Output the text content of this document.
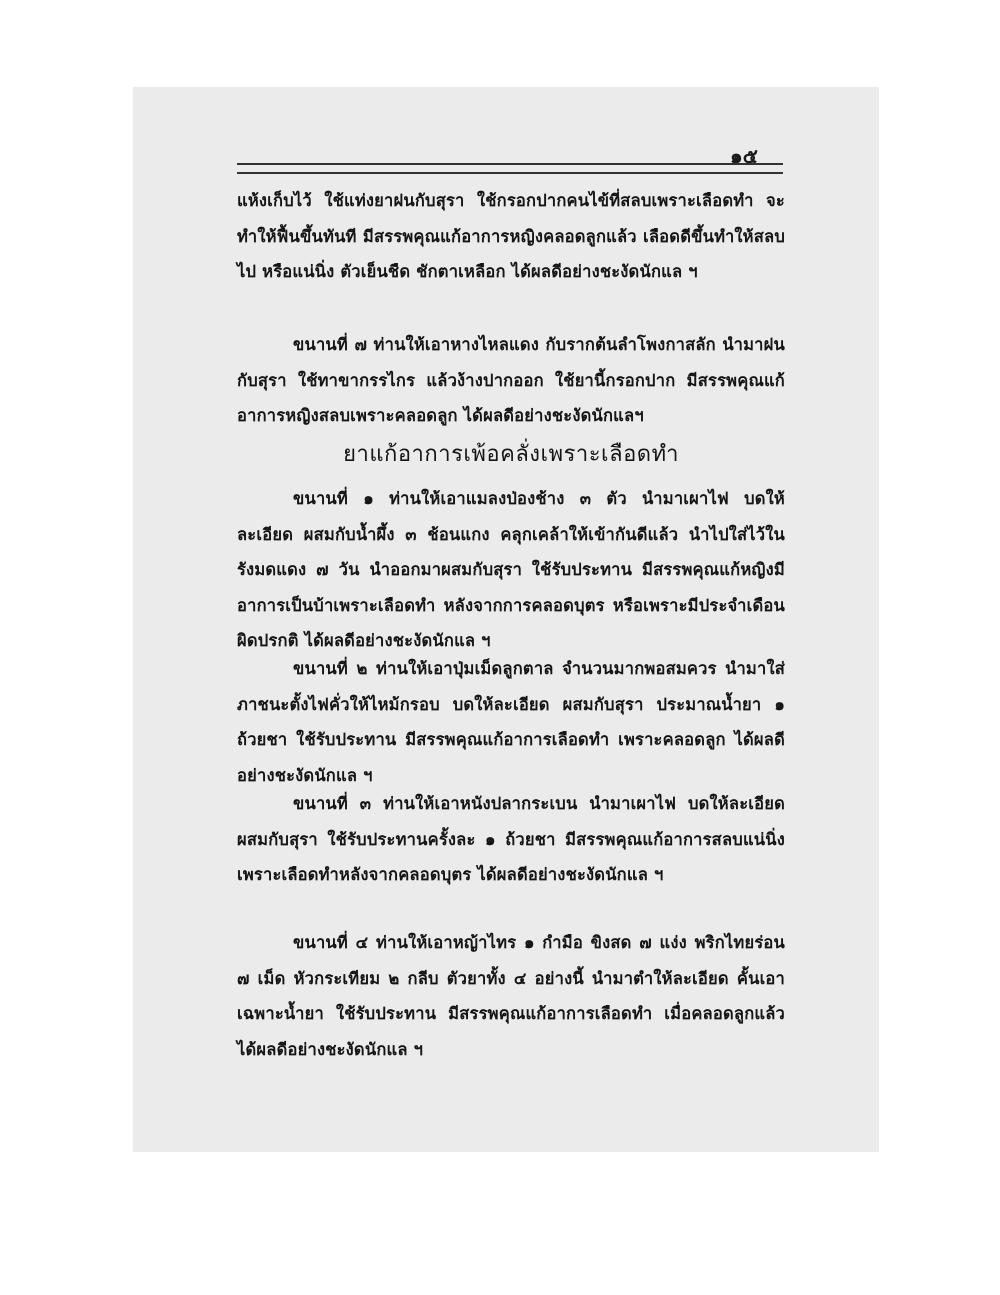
๑๕
แห้งเก็บไว้ ใช้แท่งยาฝนกับสุรา ใช้กรอกปากคนไข้ที่สลบเพราะเลือดทำ จะทำให้ฟื้นขึ้นทันที มีสรรพคุณแก้อาการหญิงคลอดลูกแล้ว เลือดดีขึ้นทำให้สลบไป หรือแน่นิ่ง ตัวเย็นชืด ชักตาเหลือก ได้ผลดีอย่างชะงัดนักแล ฯ
ขนานที่ ๗ ท่านให้เอาหางไหลแดง กับรากต้นลำโพงกาสลัก นำมาฝนกับสุรา ใช้ทาขากรรไกร แล้วง้างปากออก ใช้ยานี้กรอกปาก มีสรรพคุณแก้อาการหญิงสลบเพราะคลอดลูก ได้ผลดีอย่างชะงัดนักแลฯ
ยาแก้อาการเพ้อคลั่งเพราะเลือดทำ
ขนานที่ ๑ ท่านให้เอาแมลงป่องช้าง ๓ ตัว นำมาเผาไฟ บดให้ละเอียด ผสมกับน้ำผึ้ง ๓ ช้อนแกง คลุกเคล้าให้เข้ากันดีแล้ว นำไปใส่ไว้ในรังมดแดง ๗ วัน นำออกมาผสมกับสุรา ใช้รับประทาน มีสรรพคุณแก้หญิงมีอาการเป็นบ้าเพราะเลือดทำ หลังจากการคลอดบุตร หรือเพราะมีประจำเดือนผิดปรกติ ได้ผลดีอย่างชะงัดนักแล ฯ
ขนานที่ ๒ ท่านให้เอาปุ่มเม็ดลูกตาล จำนวนมากพอสมควร นำมาใส่ภาชนะตั้งไฟคั่วให้ไหม้กรอบ บดให้ละเอียด ผสมกับสุรา ประมาณน้ำยา ๑ ถ้วยชา ใช้รับประทาน มีสรรพคุณแก้อาการเลือดทำ เพราะคลอดลูก ได้ผลดีอย่างชะงัดนักแล ฯ
ขนานที่ ๓ ท่านให้เอาหนังปลากระเบน นำมาเผาไฟ บดให้ละเอียดผสมกับสุรา ใช้รับประทานครั้งละ ๑ ถ้วยชา มีสรรพคุณแก้อาการสลบแน่นิ่ง เพราะเลือดทำหลังจากคลอดบุตร ได้ผลดีอย่างชะงัดนักแล ฯ
ขนานที่ ๔ ท่านให้เอาหญ้าไทร ๑ กำมือ ขิงสด ๗ แง่ง พริกไทยร่อน ๗ เม็ด หัวกระเทียม ๒ กลีบ ตัวยาทั้ง ๔ อย่างนี้ นำมาตำให้ละเอียด คั้นเอาเฉพาะน้ำยา ใช้รับประทาน มีสรรพคุณแก้อาการเลือดทำ เมื่อคลอดลูกแล้ว ได้ผลดีอย่างชะงัดนักแล ฯ
